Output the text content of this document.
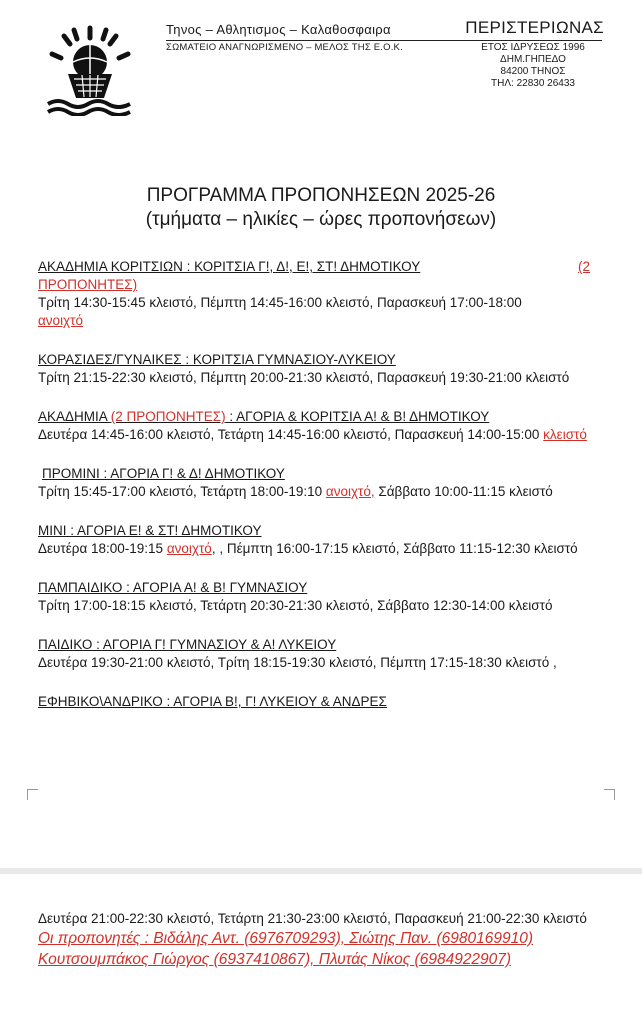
Τηνος – Αθλητισμος – Καλαθοσφαιρα
ΣΩΜΑΤΕΙΟ ΑΝΑΓΝΩΡΙΣΜΕΝΟ – ΜΕΛΟΣ ΤΗΣ Ε.Ο.Κ.
ΠΕΡΙΣΤΕΡΙΩΝΑΣ
ΕΤΟΣ ΙΔΡΥΣΕΩΣ 1996
ΔΗΜ.ΓΗΠΕΔΟ
84200 ΤΗΝΟΣ
ΤΗΛ: 22830 26433
ΠΡΟΓΡΑΜΜΑ ΠΡΟΠΟΝΗΣΕΩΝ 2025-26
(τμήματα – ηλικίες – ώρες προπονήσεων)
ΑΚΑΔΗΜΙΑ ΚΟΡΙΤΣΙΩΝ : ΚΟΡΙΤΣΙΑ Γ!, Δ!, Ε!, ΣΤ! ΔΗΜΟΤΙΚΟΥ	(2
ΠΡΟΠΟΝΗΤΕΣ)
Τρίτη 14:30-15:45 κλειστό, Πέμπτη 14:45-16:00 κλειστό, Παρασκευή 17:00-18:00
ανοιχτό
ΚΟΡΑΣΙΔΕΣ/ΓΥΝΑΙΚΕΣ : ΚΟΡΙΤΣΙΑ ΓΥΜΝΑΣΙΟΥ-ΛΥΚΕΙΟΥ
Τρίτη 21:15-22:30 κλειστό, Πέμπτη 20:00-21:30 κλειστό, Παρασκευή 19:30-21:00 κλειστό
ΑΚΑΔΗΜΙΑ (2 ΠΡΟΠΟΝΗΤΕΣ) : ΑΓΟΡΙΑ & ΚΟΡΙΤΣΙΑ Α! & Β! ΔΗΜΟΤΙΚΟΥ
Δευτέρα 14:45-16:00 κλειστό, Τετάρτη 14:45-16:00 κλειστό, Παρασκευή 14:00-15:00 κλειστό
ΠΡΟΜΙΝΙ : ΑΓΟΡΙΑ Γ! & Δ! ΔΗΜΟΤΙΚΟΥ
Τρίτη 15:45-17:00 κλειστό, Τετάρτη 18:00-19:10 ανοιχτό, Σάββατο 10:00-11:15 κλειστό
ΜΙΝΙ : ΑΓΟΡΙΑ Ε! & ΣΤ! ΔΗΜΟΤΙΚΟΥ
Δευτέρα 18:00-19:15 ανοιχτό, , Πέμπτη 16:00-17:15 κλειστό, Σάββατο 11:15-12:30 κλειστό
ΠΑΜΠΑΙΔΙΚΟ : ΑΓΟΡΙΑ Α! & Β! ΓΥΜΝΑΣΙΟΥ
Τρίτη 17:00-18:15 κλειστό, Τετάρτη 20:30-21:30 κλειστό, Σάββατο 12:30-14:00 κλειστό
ΠΑΙΔΙΚΟ : ΑΓΟΡΙΑ Γ! ΓΥΜΝΑΣΙΟΥ & Α! ΛΥΚΕΙΟΥ
Δευτέρα 19:30-21:00 κλειστό, Τρίτη 18:15-19:30 κλειστό, Πέμπτη 17:15-18:30 κλειστό ,
ΕΦΗΒΙΚΟ\ΑΝΔΡΙΚΟ : ΑΓΟΡΙΑ Β!, Γ! ΛΥΚΕΙΟΥ & ΑΝΔΡΕΣ
Δευτέρα 21:00-22:30 κλειστό, Τετάρτη 21:30-23:00 κλειστό, Παρασκευή 21:00-22:30 κλειστό
Οι προπονητές : Βιδάλης Αντ. (6976709293), Σιώτης Παν. (6980169910)
Κουτσουμπάκος Γιώργος (6937410867), Πλυτάς Νίκος (6984922907)
